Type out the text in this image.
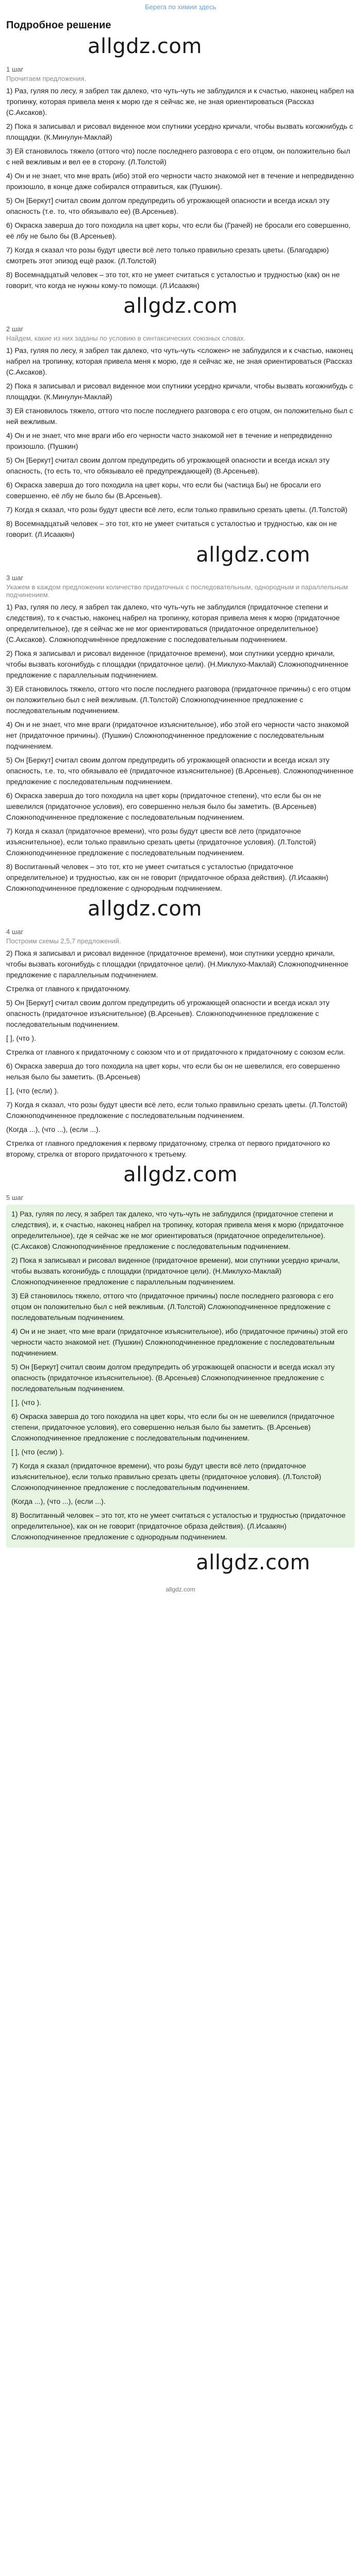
Берега по химии здесь
Подробное решение
allgdz.com
1 шаг
Прочитаем предложения.
1) Раз, гуляя по лесу, я забрел так далеко, что чуть-чуть не заблудился и к счастью, наконец набрел на тропинку, которая привела меня к морю где я сейчас же, не зная ориентироваться (Рассказ (С.Аксаков).
2) Пока я записывал и рисовал виденное мои спутники усердно кричали, чтобы вызвать когожнибудь с площадки. (К.Минулун-Маклай)
3) Ей становилось тяжело (оттого что) после последнего разговора с его отцом, он положительно был с ней вежливым и вел ее в сторону. (Л.Толстой)
4) Он и не знает, что мне врать (ибо) этой его черности часто знакомой нет в течение и непредвиденно произошло, в конце даже собирался отправиться, как (Пушкин).
5) Он [Беркут] считал своим долгом предупредить об угрожающей опасности и всегда искал эту опасность (т.е. то, что обязывало ее) (В.Арсеньев).
6) Окраска заверша до того походила на цвет коры, что если бы (Грачей) не бросали его совершенно, её лбу не было бы (В.Арсеньев).
7) Когда я сказал что розы будут цвести всё лето только правильно срезать цветы. (Благодарю) смотреть этот эпизод ещё разок. (Л.Толстой)
8) Восемнадцатый человек – это тот, кто не умеет считаться с усталостью и трудностью (как) он не говорит, что когда не нужны кому-то помощи. (Л.Исаакян)
allgdz.com
2 шаг
Найдем, какие из них заданы по условию в синтаксических союзных словах.
1) Раз, гуляя по лесу, я забрел так далеко, что чуть-чуть <сложен> не заблудился и к счастью, наконец набрел на тропинку, которая привела меня к морю, где я сейчас же, не зная ориентироваться (Рассказ (С.Аксаков).
2) Пока я записывал и рисовал виденное мои спутники усердно кричали, чтобы вызвать когожнибудь с площадки. (К.Минулун-Маклай)
3) Ей становилось тяжело, оттого что после последнего разговора с его отцом, он положительно был с ней вежливым.
4) Он и не знает, что мне враги ибо его черности часто знакомой нет в течение и непредвиденно произошло. (Пушкин)
5) Он [Беркут] считал своим долгом предупредить об угрожающей опасности и всегда искал эту опасность, (то есть то, что обязывало её предупреждающей) (В.Арсеньев).
6) Окраска заверша до того походила на цвет коры, что если бы (частица Бы) не бросали его совершенно, её лбу не было бы (В.Арсеньев).
7) Когда я сказал, что розы будут цвести всё лето, если только правильно срезать цветы. (Л.Толстой)
8) Восемнадцатый человек – это тот, кто не умеет считаться с усталостью и трудностью, как он не говорит. (Л.Исаакян)
allgdz.com
3 шаг
Укажем в каждом предложении количество придаточных с последовательным, однородным и параллельным подчинением.
1) Раз, гуляя по лесу, я забрел так далеко, что чуть-чуть не заблудился (придаточное степени и следствия), то к счастью, наконец набрел на тропинку, которая привела меня к морю (придаточное определительное), где я сейчас же не мог ориентироваться (придаточное определительное) (С.Аксаков). Сложноподчинённое предложение с последовательным подчинением.
2) Пока я записывал и рисовал виденное (придаточное времени), мои спутники усердно кричали, чтобы вызвать когонибудь с площадки (придаточное цели). (Н.Миклухо-Маклай) Сложноподчиненное предложение с параллельным подчинением.
3) Ей становилось тяжело, оттого что после последнего разговора (придаточное причины) с его отцом он положительно был с ней вежливым. (Л.Толстой) Сложноподчиненное предложение с последовательным подчинением.
4) Он и не знает, что мне враги (придаточное изъяснительное), ибо этой его черности часто знакомой нет (придаточное причины). (Пушкин) Сложноподчиненное предложение с последовательным подчинением.
5) Он [Беркут] считал своим долгом предупредить об угрожающей опасности и всегда искал эту опасность, т.е. то, что обязывало её (придаточное изъяснительное) (В.Арсеньев). Сложноподчиненное предложение с последовательным подчинением.
6) Окраска заверша до того походила на цвет коры (придаточное степени), что если бы он не шевелился (придаточное условия), его совершенно нельзя было бы заметить. (В.Арсеньев) Сложноподчиненное предложение с последовательным подчинением.
7) Когда я сказал (придаточное времени), что розы будут цвести всё лето (придаточное изъяснительное), если только правильно срезать цветы (придаточное условия). (Л.Толстой) Сложноподчиненное предложение с последовательным подчинением.
8) Воспитанный человек – это тот, кто не умеет считаться с усталостью (придаточное определительное) и трудностью, как он не говорит (придаточное образа действия). (Л.Исаакян) Сложноподчиненное предложение с однородным подчинением.
allgdz.com
4 шаг
Построим схемы 2,5,7 предложений.
2) Пока я записывал и рисовал виденное (придаточное времени), мои спутники усердно кричали, чтобы вызвать когонибудь с площадки (придаточное цели). (Н.Миклухо-Маклай) Сложноподчиненное предложение с параллельным подчинением.
Стрелка от главного к придаточному.
5) Он [Беркут] считал своим долгом предупредить об угрожающей опасности и всегда искал эту опасность (придаточное изъяснительное) (В.Арсеньев). Сложноподчиненное предложение с последовательным подчинением.
[ ], (что ).
Стрелка от главного к придаточному с союзом что и от придаточного к придаточному с союзом если.
6) Окраска заверша до того походила на цвет коры, что если бы он не шевелился, его совершенно нельзя было бы заметить. (В.Арсеньев)
[ ], (что (если) ).
7) Когда я сказал, что розы будут цвести всё лето, если только правильно срезать цветы. (Л.Толстой) Сложноподчиненное предложение с последовательным подчинением.
(Когда ...), (что ...), (если ...).
Стрелка от главного предложения к первому придаточному, стрелка от первого придаточного ко второму, стрелка от второго придаточного к третьему.
allgdz.com
5 шаг
1) Раз, гуляя по лесу, я забрел так далеко, что чуть-чуть не заблудился (придаточное степени и следствия), и, к счастью, наконец набрел на тропинку, которая привела меня к морю (придаточное определительное), где я сейчас же не мог ориентироваться (придаточное определительное). (С.Аксаков) Сложноподчинённое предложение с последовательным подчинением.
2) Пока я записывал и рисовал виденное (придаточное времени), мои спутники усердно кричали, чтобы вызвать когонибудь с площадки (придаточное цели). (Н.Миклухо-Маклай) Сложноподчиненное предложение с параллельным подчинением.
3) Ей становилось тяжело, оттого что (придаточное причины) после последнего разговора с его отцом он положительно был с ней вежливым. (Л.Толстой) Сложноподчиненное предложение с последовательным подчинением.
4) Он и не знает, что мне враги (придаточное изъяснительное), ибо (придаточное причины) этой его черности часто знакомой нет. (Пушкин) Сложноподчиненное предложение с последовательным подчинением.
5) Он [Беркут] считал своим долгом предупредить об угрожающей опасности и всегда искал эту опасность (придаточное изъяснительное). (В.Арсеньев) Сложноподчиненное предложение с последовательным подчинением.
[ ], (что ).
6) Окраска заверша до того походила на цвет коры, что если бы он не шевелился (придаточное степени, придаточное условия), его совершенно нельзя было бы заметить. (В.Арсеньев) Сложноподчиненное предложение с последовательным подчинением.
[ ], (что (если) ).
7) Когда я сказал (придаточное времени), что розы будут цвести всё лето (придаточное изъяснительное), если только правильно срезать цветы (придаточное условия). (Л.Толстой) Сложноподчиненное предложение с последовательным подчинением.
(Когда ...), (что ...), (если ...).
8) Воспитанный человек – это тот, кто не умеет считаться с усталостью и трудностью (придаточное определительное), как он не говорит (придаточное образа действия). (Л.Исаакян) Сложноподчиненное предложение с однородным подчинением.
allgdz.com
allgdz.com
